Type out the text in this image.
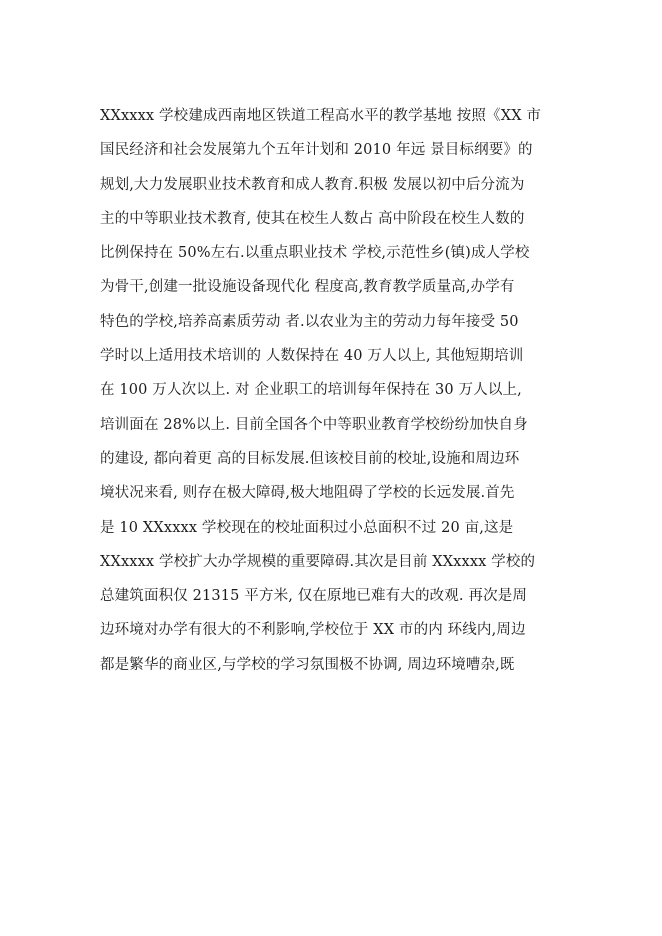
XXxxxx 学校建成西南地区铁道工程高水平的教学基地 按照《XX 市
国民经济和社会发展第九个五年计划和 2010 年远 景目标纲要》的
规划,大力发展职业技术教育和成人教育.积极 发展以初中后分流为
主的中等职业技术教育, 使其在校生人数占 高中阶段在校生人数的
比例保持在 50%左右.以重点职业技术 学校,示范性乡(镇)成人学校
为骨干,创建一批设施设备现代化 程度高,教育教学质量高,办学有
特色的学校,培养高素质劳动 者.以农业为主的劳动力每年接受 50
学时以上适用技术培训的 人数保持在 40 万人以上, 其他短期培训
在 100 万人次以上. 对 企业职工的培训每年保持在 30 万人以上,
培训面在 28%以上. 目前全国各个中等职业教育学校纷纷加快自身
的建设, 都向着更 高的目标发展.但该校目前的校址,设施和周边环
境状况来看, 则存在极大障碍,极大地阻碍了学校的长远发展.首先
是 10 XXxxxx 学校现在的校址面积过小总面积不过 20 亩,这是
XXxxxx 学校扩大办学规模的重要障碍.其次是目前 XXxxxx 学校的
总建筑面积仅 21315 平方米, 仅在原地已难有大的改观. 再次是周
边环境对办学有很大的不利影响,学校位于 XX 市的内 环线内,周边
都是繁华的商业区,与学校的学习氛围极不协调, 周边环境嘈杂,既
